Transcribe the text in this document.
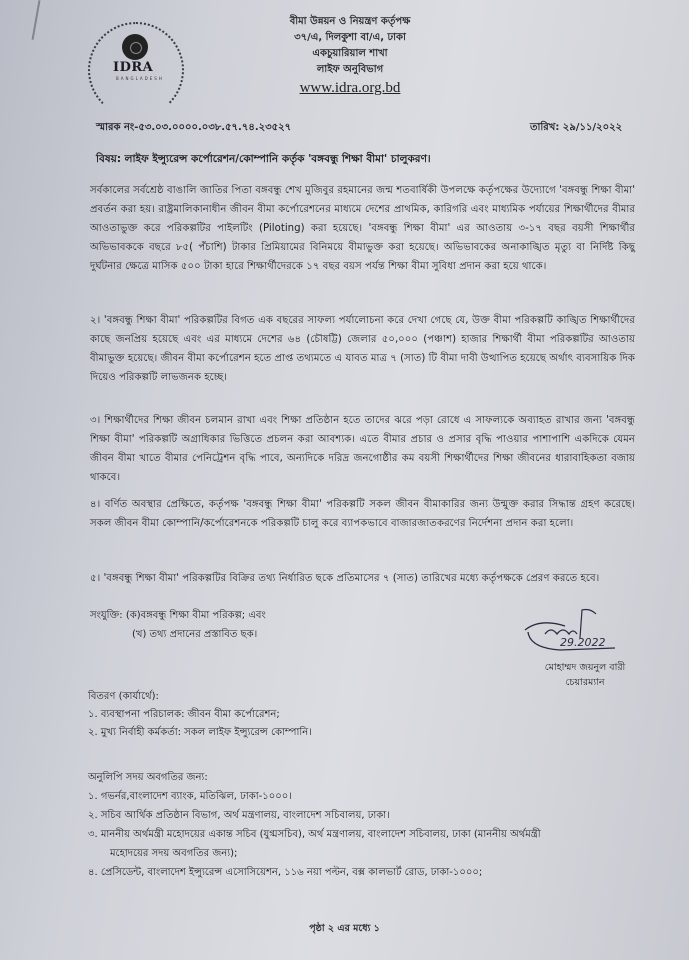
IDRA
BANGLADESH
বীমা উন্নয়ন ও নিয়ন্ত্রণ কর্তৃপক্ষ
৩৭/এ, দিলকুশা বা/এ, ঢাকা
একচুয়ারিয়াল শাখা
লাইফ অনুবিভাগ
www.idra.org.bd
স্মারক নং-৫৩.০৩.০০০০.০৩৮.৫৭.৭৪.২৩৫২৭	তারিখ: ২৯/১১/২০২২
বিষয়: লাইফ ইন্স্যুরেন্স কর্পোরেশন/কোম্পানি কর্তৃক 'বঙ্গবন্ধু শিক্ষা বীমা' চালুকরণ।
সর্বকালের সর্বশ্রেষ্ঠ বাঙালি জাতির পিতা বঙ্গবন্ধু শেখ মুজিবুর রহমানের জন্ম শতবার্ষিকী উপলক্ষে কর্তৃপক্ষের উদ্যোগে 'বঙ্গবন্ধু শিক্ষা বীমা' প্রবর্তন করা হয়। রাষ্ট্রমালিকানাধীন জীবন বীমা কর্পোরেশনের মাধ্যমে দেশের প্রাথমিক, কারিগরি এবং মাধ্যমিক পর্যায়ের শিক্ষার্থীদের বীমার আওতাভুক্ত করে পরিকল্পটির পাইলটিং (Piloting) করা হয়েছে। 'বঙ্গবন্ধু শিক্ষা বীমা' এর আওতায় ৩-১৭ বছর বয়সী শিক্ষার্থীর অভিভাবককে বছরে ৮৫( পঁচাশি) টাকার প্রিমিয়ামের বিনিময়ে বীমাভুক্ত করা হয়েছে। অভিভাবকের অনাকাঙ্খিত মৃত্যু বা নির্দিষ্ট কিছু দুর্ঘটনার ক্ষেত্রে মাসিক ৫০০ টাকা হারে শিক্ষার্থীদেরকে ১৭ বছর বয়স পর্যন্ত শিক্ষা বীমা সুবিধা প্রদান করা হয়ে থাকে।
২। 'বঙ্গবন্ধু শিক্ষা বীমা' পরিকল্পটির বিগত এক বছরের সাফল্য পর্যালোচনা করে দেখা গেছে যে, উক্ত বীমা পরিকল্পটি কাঙ্খিত শিক্ষার্থীদের কাছে জনপ্রিয় হয়েছে এবং এর মাধ্যমে দেশের ৬৪ (চৌষট্টি) জেলার ৫০,০০০ (পঞ্চাশ) হাজার শিক্ষার্থী বীমা পরিকল্পটির আওতায় বীমাভুক্ত হয়েছে। জীবন বীমা কর্পোরেশন হতে প্রাপ্ত তথ্যমতে এ যাবত মাত্র ৭ (সাত) টি বীমা দাবী উত্থাপিত হয়েছে অর্থাৎ ব্যবসায়িক দিক দিয়েও পরিকল্পটি লাভজনক হচ্ছে।
৩। শিক্ষার্থীদের শিক্ষা জীবন চলমান রাখা এবং শিক্ষা প্রতিষ্ঠান হতে তাদের ঝরে পড়া রোধে এ সাফল্যকে অব্যাহত রাখার জন্য 'বঙ্গবন্ধু শিক্ষা বীমা' পরিকল্পটি অগ্রাধিকার ভিত্তিতে প্রচলন করা আবশ্যক। এতে বীমার প্রচার ও প্রসার বৃদ্ধি পাওয়ার পাশাপাশি একদিকে যেমন জীবন বীমা খাতে বীমার পেনিট্রেশন বৃদ্ধি পাবে, অন্যদিকে দরিদ্র জনগোষ্ঠীর কম বয়সী শিক্ষার্থীদের শিক্ষা জীবনের ধারাবাহিকতা বজায় থাকবে।
৪। বর্ণিত অবস্থার প্রেক্ষিতে, কর্তৃপক্ষ 'বঙ্গবন্ধু শিক্ষা বীমা' পরিকল্পটি সকল জীবন বীমাকারির জন্য উন্মুক্ত করার সিদ্ধান্ত গ্রহণ করেছে। সকল জীবন বীমা কোম্পানি/কর্পোরেশনকে পরিকল্পটি চালু করে ব্যাপকভাবে বাজারজাতকরণের নির্দেশনা প্রদান করা হলো।
৫। 'বঙ্গবন্ধু শিক্ষা বীমা' পরিকল্পটির বিক্রির তথ্য নির্ধারিত ছকে প্রতিমাসের ৭ (সাত) তারিখের মধ্যে কর্তৃপক্ষকে প্রেরণ করতে হবে।
সংযুক্তি: (ক)বঙ্গবন্ধু শিক্ষা বীমা পরিকল্প; এবং
(খ) তথ্য প্রদানের প্রস্তাবিত ছক।
29.2022
মোহাম্মদ জয়নুল বারী
চেয়ারম্যান
বিতরণ (কার্যার্থে):
১. ব্যবস্থাপনা পরিচালক: জীবন বীমা কর্পোরেশন;
২. মুখ্য নির্বাহী কর্মকর্তা: সকল লাইফ ইন্স্যুরেন্স কোম্পানি।
অনুলিপি সদয় অবগতির জন্য:
১. গভর্নর,বাংলাদেশ ব্যাংক, মতিঝিল, ঢাকা-১০০০।
২. সচিব আর্থিক প্রতিষ্ঠান বিভাগ, অর্থ মন্ত্রণালয়, বাংলাদেশ সচিবালয়, ঢাকা।
৩. মাননীয় অর্থমন্ত্রী মহোদয়ের একান্ত সচিব (যুগ্মসচিব), অর্থ মন্ত্রণালয়, বাংলাদেশ সচিবালয়, ঢাকা (মাননীয় অর্থমন্ত্রী
মহোদয়ের সদয় অবগতির জন্য);
৪. প্রেসিডেন্ট, বাংলাদেশ ইন্স্যুরেন্স এসোসিয়েশন, ১১৬ নয়া পল্টন, বক্স কালভার্ট রোড, ঢাকা-১০০০;
পৃষ্ঠা ২ এর মধ্যে ১
